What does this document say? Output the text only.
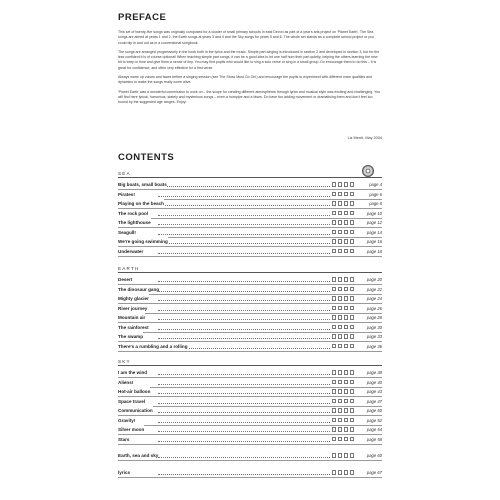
PREFACE

This set of twenty-five songs was originally composed for a cluster of small primary schools in east Devon as part of a year's arts project on 'Planet Earth'. The Sea songs are aimed at years 1 and 2, the Earth songs at years 3 and 4 and the Sky songs for years 5 and 6. The whole set stands as a complete school project or you could dip in and out as in a conventional songbook.

The songs are arranged progressively in the book both in the lyrics and the music. Simple part-singing is introduced in section 2 and developed in section 3, but for the less confident it is of course optional! When teaching simple part songs, it can be a good idea to let one half hum their part quietly, helping the others learning the new bit to keep in time and give them a sense of key. You may find pupils who would like to sing a solo verse or sing in a small group. Do encourage them to do this – it is great for confidence, and often very effective for a first verse.

Always warm up voices and faces before a singing session (see The Show Must Go On!) and encourage the pupils to experiment with different voice qualities and dynamics to make the songs really come alive.

'Planet Earth' was a wonderful commission to work on – the scope for creating different atmospheres through lyrics and musical style was exciting and challenging. You will find here lyrical, humorous, stately and mysterious songs – even a hornpipe and a blues. Do have fun adding movement or dramatising them and don't feel too bound by the suggested age ranges. Enjoy!

Liz Merrit, May 2004
CONTENTS
SEA
Big boats, small boats	page 4
Pirates!	page 6
Playing on the beach	page 8
The rock pool	page 10
The lighthouse	page 12
Seagull!	page 14
We're going swimming	page 16
Underwater	page 18
EARTH
Desert	page 20
The dinosaur gang	page 22
Mighty glacier	page 24
River journey	page 26
Mountain air	page 28
The rainforest	page 30
The swamp	page 33
There's a rumbling and a rolling	page 36
SKY
I am the wind	page 38
Aliens!	page 40
Hot-air balloon	page 43
Space travel	page 47
Communication	page 50
Gravity!	page 52
Silver moon	page 54
Stars	page 58
Earth, sea and sky	page 60
lyrics	page 67
